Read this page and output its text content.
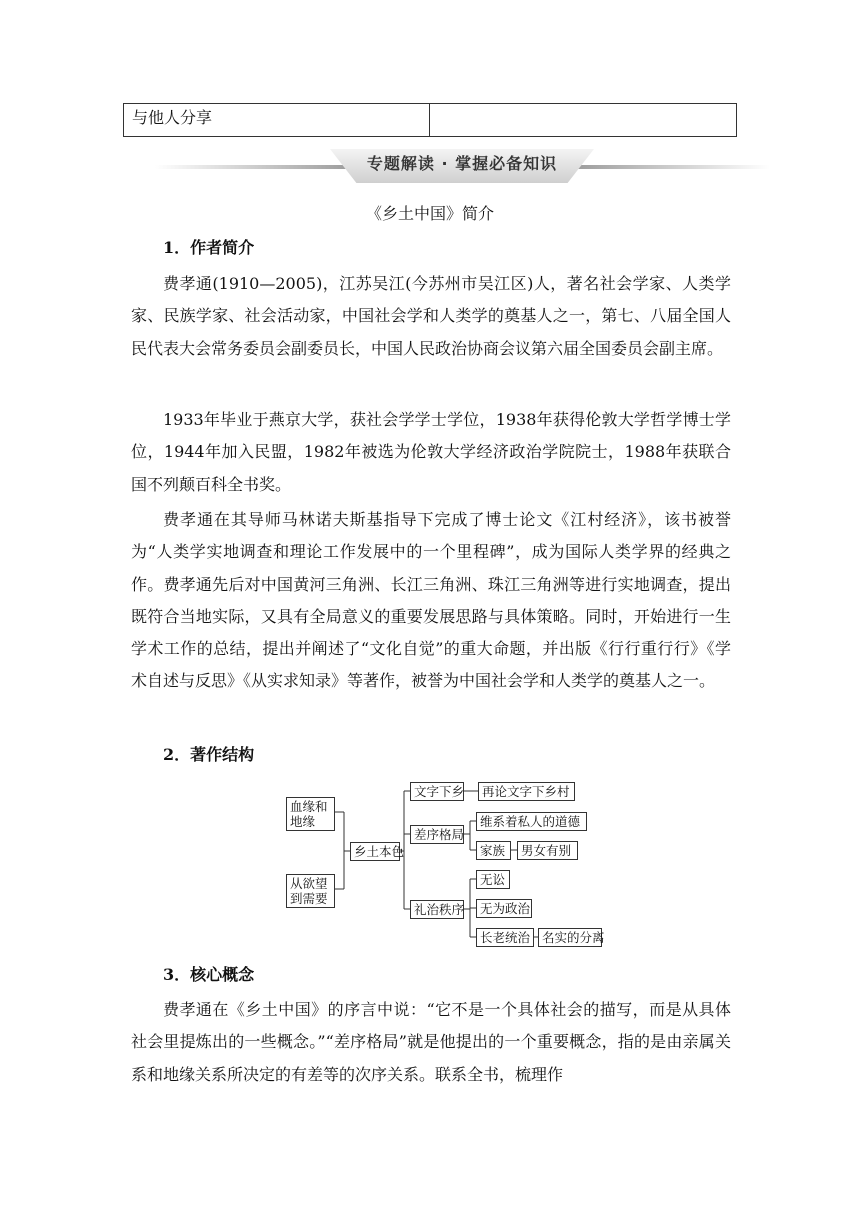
与他人分享
专题解读 · 掌握必备知识
《乡土中国》简介
1．作者简介

费孝通(1910—2005)，江苏吴江(今苏州市吴江区)人，著名社会学家、人类学家、民族学家、社会活动家，中国社会学和人类学的奠基人之一，第七、八届全国人民代表大会常务委员会副委员长，中国人民政治协商会议第六届全国委员会副主席。

1933年毕业于燕京大学，获社会学学士学位，1938年获得伦敦大学哲学博士学位，1944年加入民盟，1982年被选为伦敦大学经济政治学院院士，1988年获联合国不列颠百科全书奖。

费孝通在其导师马林诺夫斯基指导下完成了博士论文《江村经济》，该书被誉为“人类学实地调查和理论工作发展中的一个里程碑”，成为国际人类学界的经典之作。费孝通先后对中国黄河三角洲、长江三角洲、珠江三角洲等进行实地调查，提出既符合当地实际，又具有全局意义的重要发展思路与具体策略。同时，开始进行一生学术工作的总结，提出并阐述了“文化自觉”的重大命题，并出版《行行重行行》《学术自述与反思》《从实求知录》等著作，被誉为中国社会学和人类学的奠基人之一。

2．著作结构
血缘和
地缘
从欲望
到需要
乡土本色
文字下乡	再论文字下乡村
差序格局
维系着私人的道德
家族	男女有别
礼治秩序
无讼
无为政治
长老统治 名实的分离
3．核心概念

费孝通在《乡土中国》的序言中说：“它不是一个具体社会的描写，而是从具体社会里提炼出的一些概念。”“差序格局”就是他提出的一个重要概念，指的是由亲属关系和地缘关系所决定的有差等的次序关系。联系全书，梳理作
